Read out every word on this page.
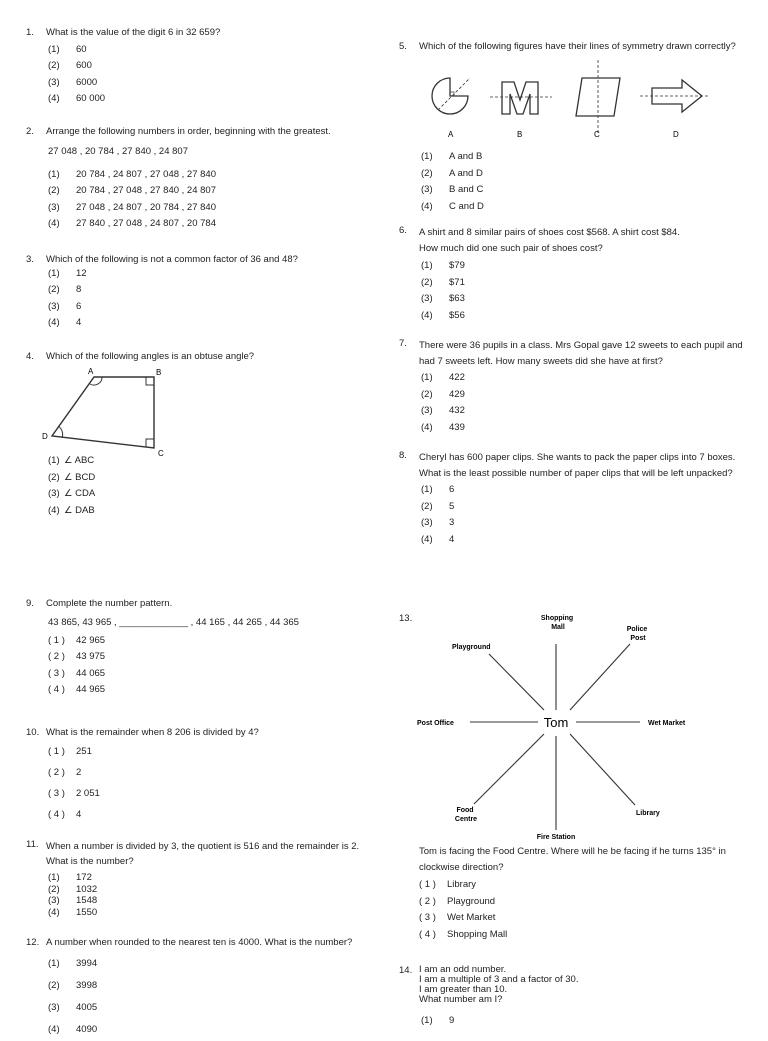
1.	What is the value of the digit 6 in 32 659?
(1)	60
(2)	600
(3)	6000
(4)	60 000
2.	Arrange the following numbers in order, beginning with the greatest.
27 048 , 20 784 , 27 840 , 24 807
(1)	20 784 , 24 807 , 27 048 , 27 840
(2)	20 784 , 27 048 , 27 840 , 24 807
(3)	27 048 , 24 807 , 20 784 , 27 840
(4)	27 840 , 27 048 , 24 807 , 20 784
3.	Which of the following is not a common factor of 36 and 48?
(1)	12
(2)	8
(3)	6
(4)	4
4.	Which of the following angles is an obtuse angle?
A	B
C
D
(1) ∠ ABC
(2) ∠ BCD
(3) ∠ CDA
(4) ∠ DAB
9.	Complete the number pattern.
43 865, 43 965 , _____________ , 44 165 , 44 265 , 44 365
( 1 )	42 965
( 2 )	43 975
( 3 )	44 065
( 4 )	44 965
10. What is the remainder when 8 206 is divided by 4?
( 1 )	251
( 2 )	2
( 3 )	2 051
( 4 )	4
11. When a number is divided by 3, the quotient is 516 and the remainder is 2.
What is the number?
(1)	172
(2)	1032
(3)	1548
(4)	1550
12. A number when rounded to the nearest ten is 4000. What is the number?
(1)	3994
(2)	3998
(3)	4005
(4)	4090
5.	Which of the following figures have their lines of symmetry drawn correctly?
A	B	C	D
(1)	A and B
(2)	A and D
(3)	B and C
(4)	C and D
6.	A shirt and 8 similar pairs of shoes cost $568. A shirt cost $84.
How much did one such pair of shoes cost?
(1)	$79
(2)	$71
(3)	$63
(4)	$56
7.	There were 36 pupils in a class. Mrs Gopal gave 12 sweets to each pupil and
had 7 sweets left. How many sweets did she have at first?
(1)	422
(2)	429
(3)	432
(4)	439
8.	Cheryl has 600 paper clips. She wants to pack the paper clips into 7 boxes.
What is the least possible number of paper clips that will be left unpacked?
(1)	6
(2)	5
(3)	3
(4)	4
13.
Tom
Shopping Mall	Police Post
Playground
Post Office	Wet Market
Food Centre
Library
Fire Station
Tom is facing the Food Centre. Where will he be facing if he turns 135° in
clockwise direction?
( 1 )	Library
( 2 )	Playground
( 3 )	Wet Market
( 4 )	Shopping Mall
14. I am an odd number.
I am a multiple of 3 and a factor of 30.
I am greater than 10.
What number am I?
(1)	9
